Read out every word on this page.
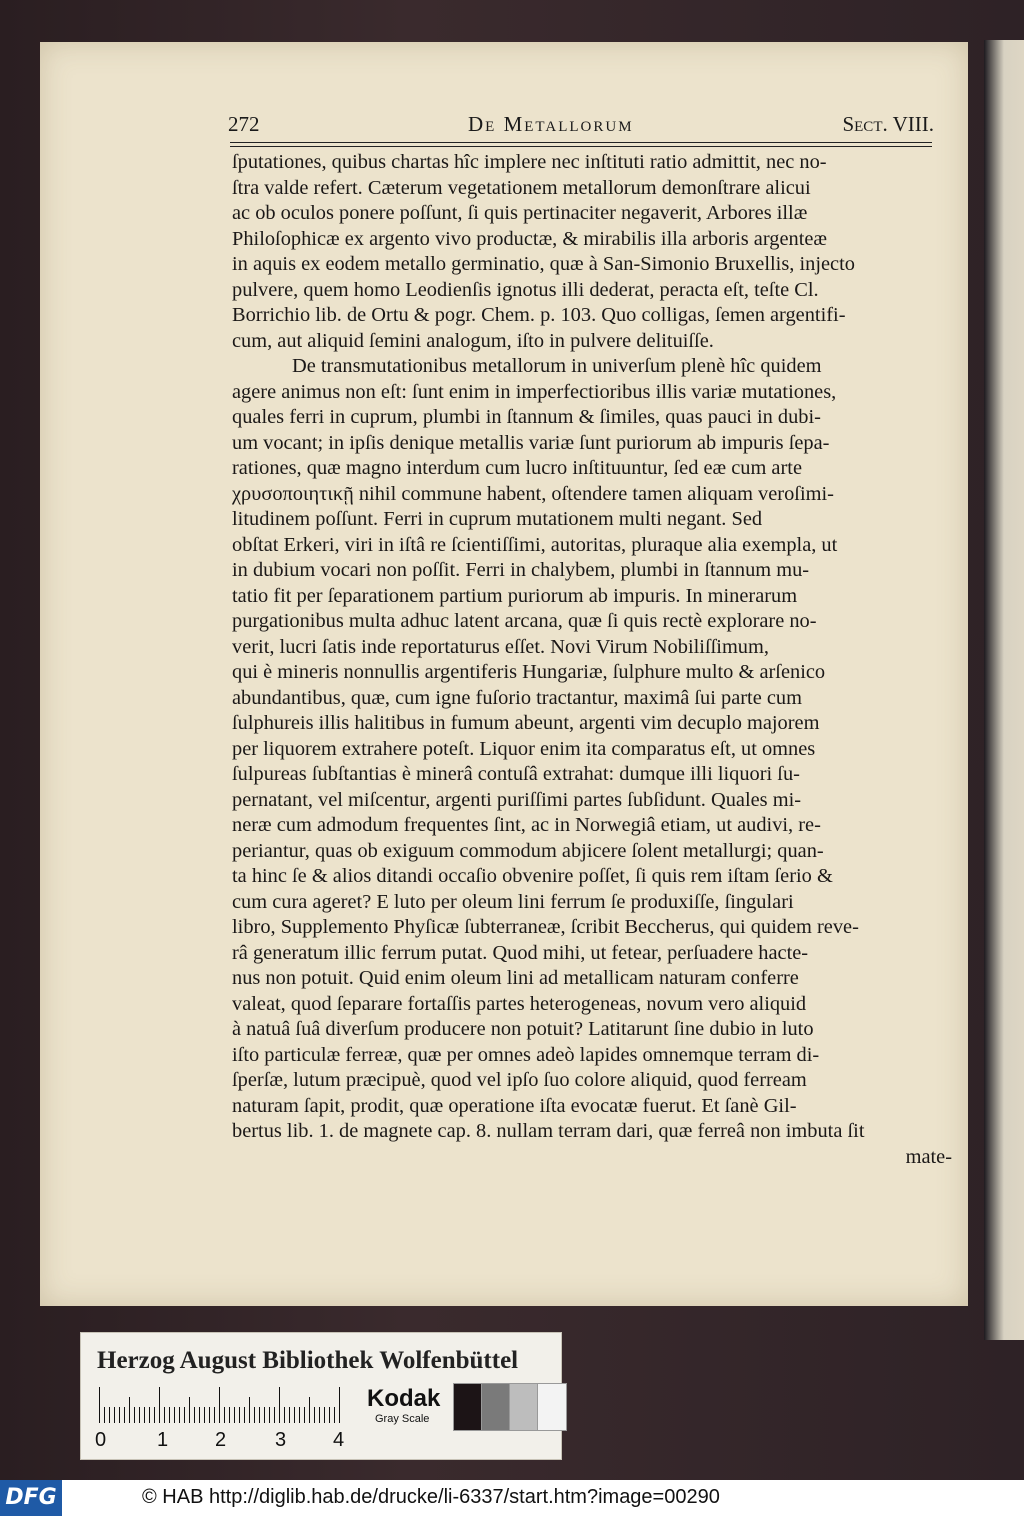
272	De Metallorum	Sect. VIII.
ſputationes, quibus chartas hîc implere nec inſtituti ratio admittit, nec no-
ſtra valde refert. Cæterum vegetationem metallorum demonſtrare alicui
ac ob oculos ponere poſſunt, ſi quis pertinaciter negaverit, Arbores illæ
Philoſophicæ ex argento vivo productæ, & mirabilis illa arboris argenteæ
in aquis ex eodem metallo germinatio, quæ à San-Simonio Bruxellis, injecto
pulvere, quem homo Leodienſis ignotus illi dederat, peracta eſt, teſte Cl.
Borrichio lib. de Ortu & pogr. Chem. p. 103. Quo colligas, ſemen argentifi-
cum, aut aliquid ſemini analogum, iſto in pulvere delituiſſe.
De transmutationibus metallorum in univerſum plenè hîc quidem
agere animus non eſt: ſunt enim in imperfectioribus illis variæ mutationes,
quales ferri in cuprum, plumbi in ſtannum & ſimiles, quas pauci in dubi-
um vocant; in ipſis denique metallis variæ ſunt puriorum ab impuris ſepa-
rationes, quæ magno interdum cum lucro inſtituuntur, ſed eæ cum arte
χρυσοποιητικῇ nihil commune habent, oſtendere tamen aliquam veroſimi-
litudinem poſſunt. Ferri in cuprum mutationem multi negant. Sed
obſtat Erkeri, viri in iſtâ re ſcientiſſimi, autoritas, pluraque alia exempla, ut
in dubium vocari non poſſit. Ferri in chalybem, plumbi in ſtannum mu-
tatio fit per ſeparationem partium puriorum ab impuris. In minerarum
purgationibus multa adhuc latent arcana, quæ ſi quis rectè explorare no-
verit, lucri ſatis inde reportaturus eſſet. Novi Virum Nobiliſſimum,
qui è mineris nonnullis argentiferis Hungariæ, ſulphure multo & arſenico
abundantibus, quæ, cum igne fuſorio tractantur, maximâ ſui parte cum
ſulphureis illis halitibus in fumum abeunt, argenti vim decuplo majorem
per liquorem extrahere poteſt. Liquor enim ita comparatus eſt, ut omnes
ſulpureas ſubſtantias è minerâ contuſâ extrahat: dumque illi liquori ſu-
pernatant, vel miſcentur, argenti puriſſimi partes ſubſidunt. Quales mi-
neræ cum admodum frequentes ſint, ac in Norwegiâ etiam, ut audivi, re-
periantur, quas ob exiguum commodum abjicere ſolent metallurgi; quan-
ta hinc ſe & alios ditandi occaſio obvenire poſſet, ſi quis rem iſtam ſerio &
cum cura ageret? E luto per oleum lini ferrum ſe produxiſſe, ſingulari
libro, Supplemento Phyſicæ ſubterraneæ, ſcribit Beccherus, qui quidem reve-
râ generatum illic ferrum putat. Quod mihi, ut fetear, perſuadere hacte-
nus non potuit. Quid enim oleum lini ad metallicam naturam conferre
valeat, quod ſeparare fortaſſis partes heterogeneas, novum vero aliquid
à natuâ ſuâ diverſum producere non potuit? Latitarunt ſine dubio in luto
iſto particulæ ferreæ, quæ per omnes adeò lapides omnemque terram di-
ſperſæ, lutum præcipuè, quod vel ipſo ſuo colore aliquid, quod ferream
naturam ſapit, prodit, quæ operatione iſta evocatæ fuerut. Et ſanè Gil-
bertus lib. 1. de magnete cap. 8. nullam terram dari, quæ ferreâ non imbuta ſit
mate-
Herzog August Bibliothek Wolfenbüttel
0	1 2 3 4
Kodak
Gray Scale
DFG	© HAB http://diglib.hab.de/drucke/li-6337/start.htm?image=00290
